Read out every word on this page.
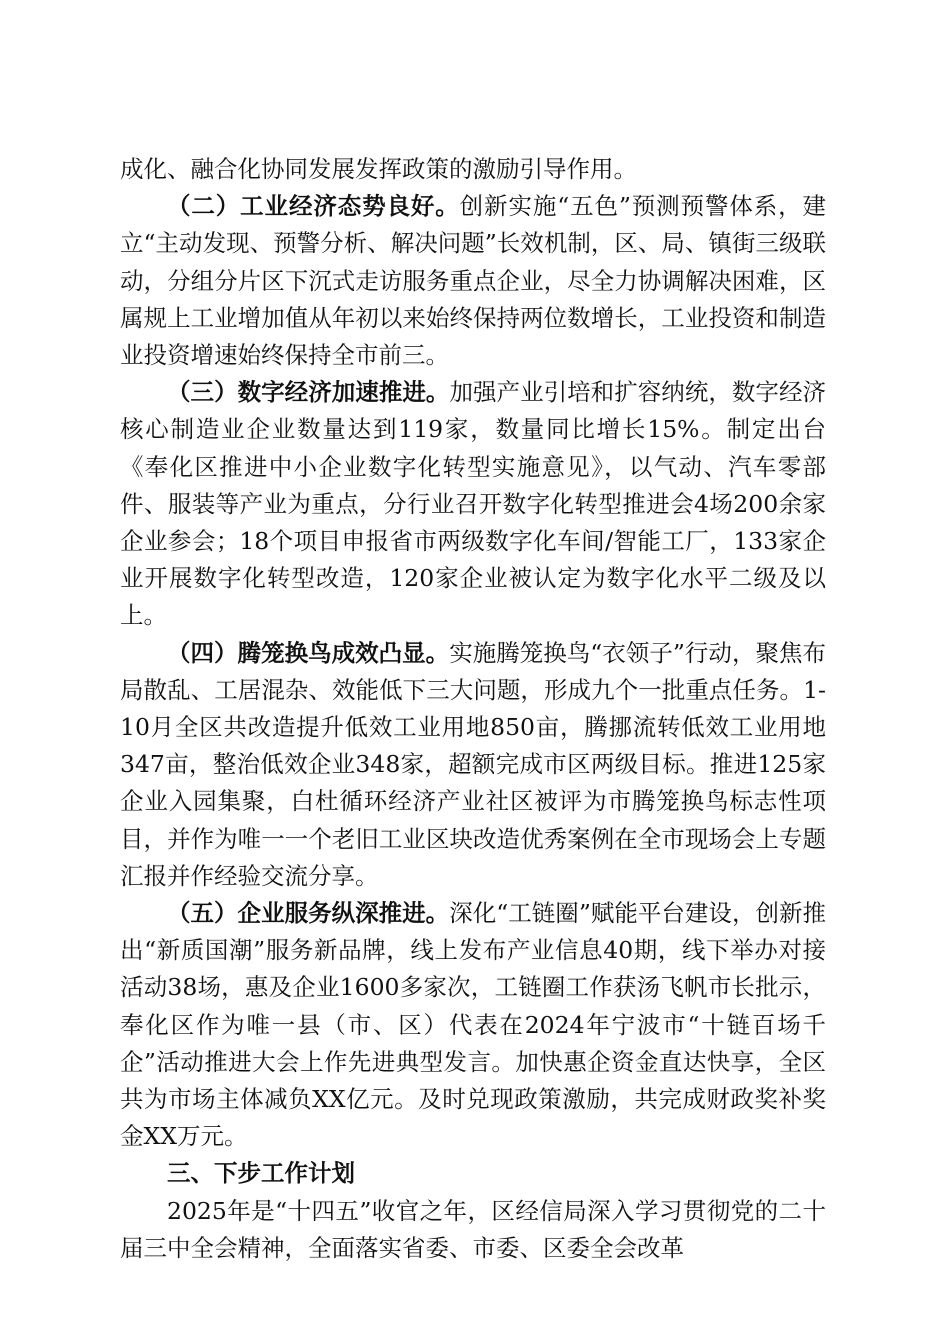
成化、融合化协同发展发挥政策的激励引导作用。

（二）工业经济态势良好。创新实施“五色”预测预警体系，建立“主动发现、预警分析、解决问题”长效机制，区、局、镇街三级联动，分组分片区下沉式走访服务重点企业，尽全力协调解决困难，区属规上工业增加值从年初以来始终保持两位数增长，工业投资和制造业投资增速始终保持全市前三。

（三）数字经济加速推进。加强产业引培和扩容纳统，数字经济核心制造业企业数量达到119家，数量同比增长15%。制定出台《奉化区推进中小企业数字化转型实施意见》，以气动、汽车零部件、服装等产业为重点，分行业召开数字化转型推进会4场200余家企业参会；18个项目申报省市两级数字化车间/智能工厂，133家企业开展数字化转型改造，120家企业被认定为数字化水平二级及以上。

（四）腾笼换鸟成效凸显。实施腾笼换鸟“衣领子”行动，聚焦布局散乱、工居混杂、效能低下三大问题，形成九个一批重点任务。1-10月全区共改造提升低效工业用地850亩，腾挪流转低效工业用地347亩，整治低效企业348家，超额完成市区两级目标。推进125家企业入园集聚，白杜循环经济产业社区被评为市腾笼换鸟标志性项目，并作为唯一一个老旧工业区块改造优秀案例在全市现场会上专题汇报并作经验交流分享。

（五）企业服务纵深推进。深化“工链圈”赋能平台建设，创新推出“新质国潮”服务新品牌，线上发布产业信息40期，线下举办对接活动38场，惠及企业1600多家次，工链圈工作获汤飞帆市长批示，奉化区作为唯一县（市、区）代表在2024年宁波市“十链百场千企”活动推进大会上作先进典型发言。加快惠企资金直达快享，全区共为市场主体减负XX亿元。及时兑现政策激励，共完成财政奖补奖金XX万元。

三、下步工作计划

2025年是“十四五”收官之年，区经信局深入学习贯彻党的二十届三中全会精神，全面落实省委、市委、区委全会改革
